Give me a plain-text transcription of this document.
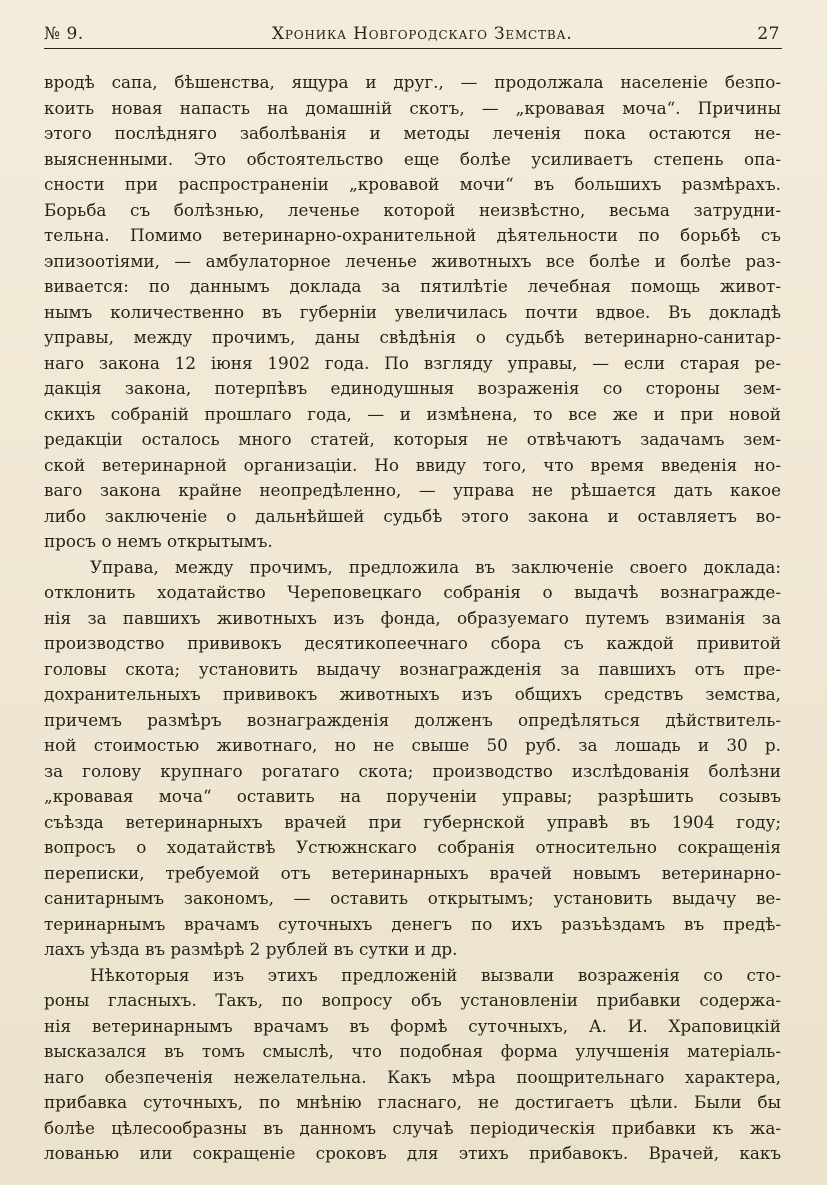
№ 9.	Хроника Новгородскаго Земства.	27
вродѣ сапа, бѣшенства, ящура и друг., — продолжала населеніе безпо-
коить новая напасть на домашній скотъ, — „кровавая моча“. Причины
этого послѣдняго заболѣванія и методы леченія пока остаются не-
выясненными. Это обстоятельство еще болѣе усиливаетъ степень опа-
сности при распространеніи „кровавой мочи“ въ большихъ размѣрахъ.
Борьба съ болѣзнью, леченье которой неизвѣстно, весьма затрудни-
тельна. Помимо ветеринарно-охранительной дѣятельности по борьбѣ съ
эпизоотіями, — амбулаторное леченье животныхъ все болѣе и болѣе раз-
вивается: по даннымъ доклада за пятилѣтіе лечебная помощь живот-
нымъ количественно въ губерніи увеличилась почти вдвое. Въ докладѣ
управы, между прочимъ, даны свѣдѣнія о судьбѣ ветеринарно-санитар-
наго закона 12 іюня 1902 года. По взгляду управы, — если старая ре-
дакція закона, потерпѣвъ единодушныя возраженія со стороны зем-
скихъ собраній прошлаго года, — и измѣнена, то все же и при новой
редакціи осталось много статей, которыя не отвѣчаютъ задачамъ зем-
ской ветеринарной организаціи. Но ввиду того, что время введенія но-
ваго закона крайне неопредѣленно, — управа не рѣшается дать какое
либо заключеніе о дальнѣйшей судьбѣ этого закона и оставляетъ во-
просъ о немъ открытымъ.
Управа, между прочимъ, предложила въ заключеніе своего доклада:
отклонить ходатайство Череповецкаго собранія о выдачѣ вознагражде-
нія за павшихъ животныхъ изъ фонда, образуемаго путемъ взиманія за
производство прививокъ десятикопеечнаго сбора съ каждой привитой
головы скота; установить выдачу вознагражденія за павшихъ отъ пре-
дохранительныхъ прививокъ животныхъ изъ общихъ средствъ земства,
причемъ размѣръ вознагражденія долженъ опредѣляться дѣйствитель-
ной стоимостью животнаго, но не свыше 50 руб. за лошадь и 30 р.
за голову крупнаго рогатаго скота; производство изслѣдованія болѣзни
„кровавая моча“ оставить на порученіи управы; разрѣшить созывъ
съѣзда ветеринарныхъ врачей при губернской управѣ въ 1904 году;
вопросъ о ходатайствѣ Устюжнскаго собранія относительно сокращенія
переписки, требуемой отъ ветеринарныхъ врачей новымъ ветеринарно-
санитарнымъ закономъ, — оставить открытымъ; установить выдачу ве-
теринарнымъ врачамъ суточныхъ денегъ по ихъ разъѣздамъ въ предѣ-
лахъ уѣзда въ размѣрѣ 2 рублей въ сутки и др.
Нѣкоторыя изъ этихъ предложеній вызвали возраженія со сто-
роны гласныхъ. Такъ, по вопросу объ установленіи прибавки содержа-
нія ветеринарнымъ врачамъ въ формѣ суточныхъ, А. И. Храповицкій
высказался въ томъ смыслѣ, что подобная форма улучшенія матеріаль-
наго обезпеченія нежелательна. Какъ мѣра поощрительнаго характера,
прибавка суточныхъ, по мнѣнію гласнаго, не достигаетъ цѣли. Были бы
болѣе цѣлесообразны въ данномъ случаѣ періодическія прибавки къ жа-
лованью или сокращеніе сроковъ для этихъ прибавокъ. Врачей, какъ
